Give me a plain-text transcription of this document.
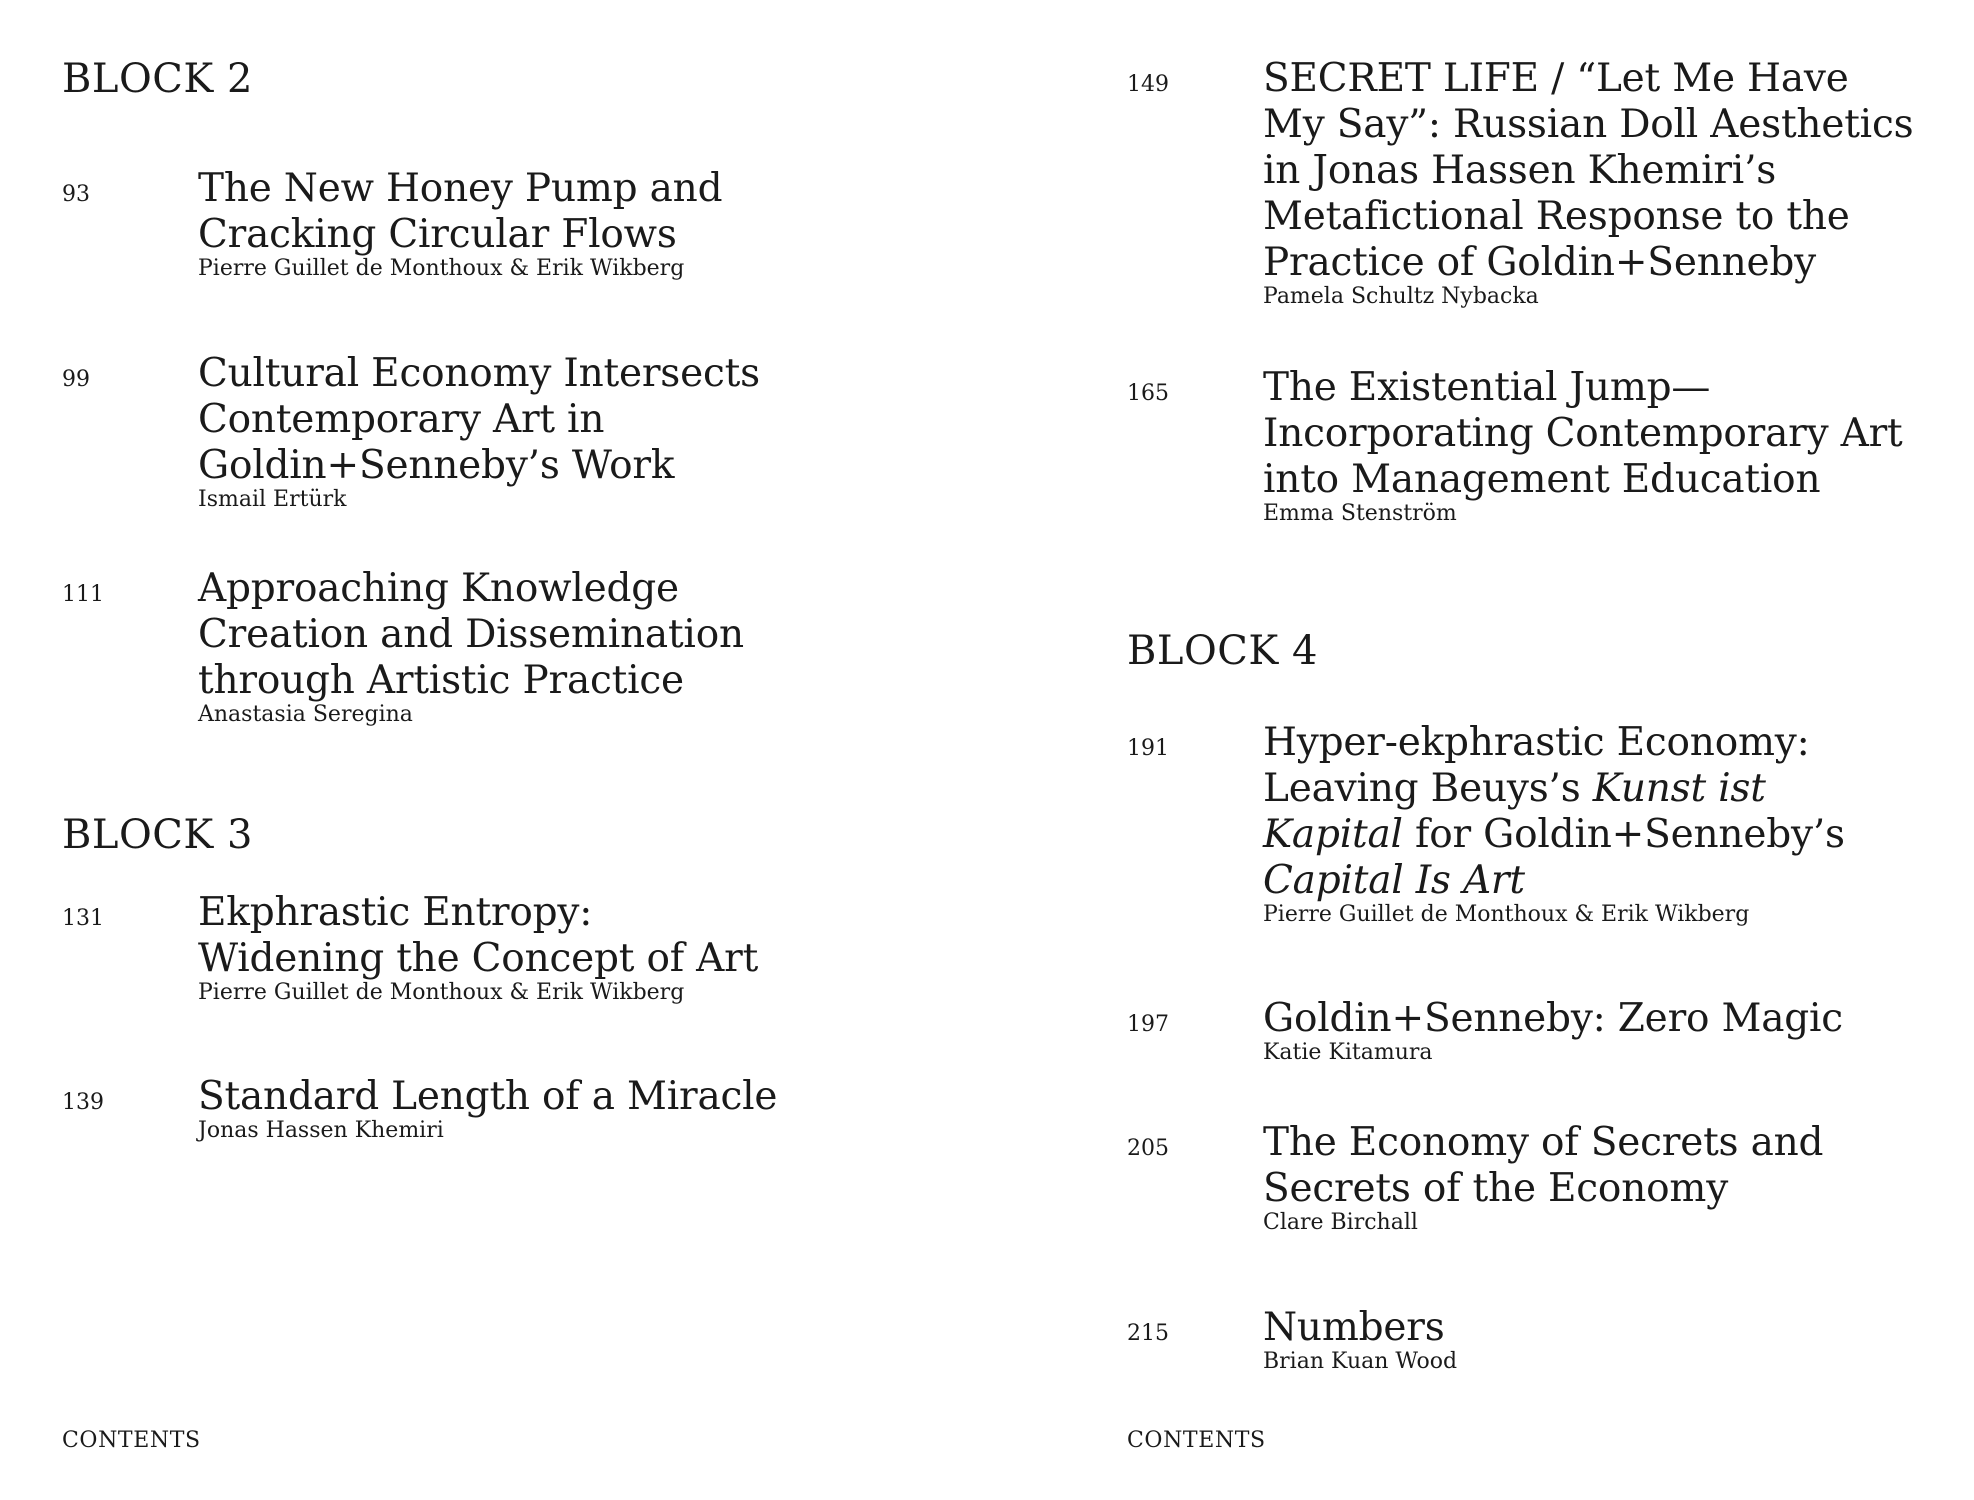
BLOCK 2
93	The New Honey Pump and
Cracking Circular Flows
Pierre Guillet de Monthoux & Erik Wikberg
99	Cultural Economy Intersects
Contemporary Art in
Goldin+Senneby’s Work
Ismail Ertürk
111 Approaching Knowledge
Creation and Dissemination
through Artistic Practice
Anastasia Seregina
BLOCK 3
131 Ekphrastic Entropy:
Widening the Concept of Art
Pierre Guillet de Monthoux & Erik Wikberg
139 Standard Length of a Miracle
Jonas Hassen Khemiri
CONTENTS
149 SECRET LIFE / “Let Me Have
My Say”: Russian Doll Aesthetics
in Jonas Hassen Khemiri’s
Metafictional Response to the
Practice of Goldin+Senneby
Pamela Schultz Nybacka
165 The Existential Jump—
Incorporating Contemporary Art
into Management Education
Emma Stenström
BLOCK 4
191 Hyper-ekphrastic Economy:
Leaving Beuys’s Kunst ist
Kapital for Goldin+Senneby’s
Capital Is Art
Pierre Guillet de Monthoux & Erik Wikberg
197 Goldin+Senneby: Zero Magic
Katie Kitamura
205 The Economy of Secrets and
Secrets of the Economy
Clare Birchall
215 Numbers
Brian Kuan Wood
CONTENTS
